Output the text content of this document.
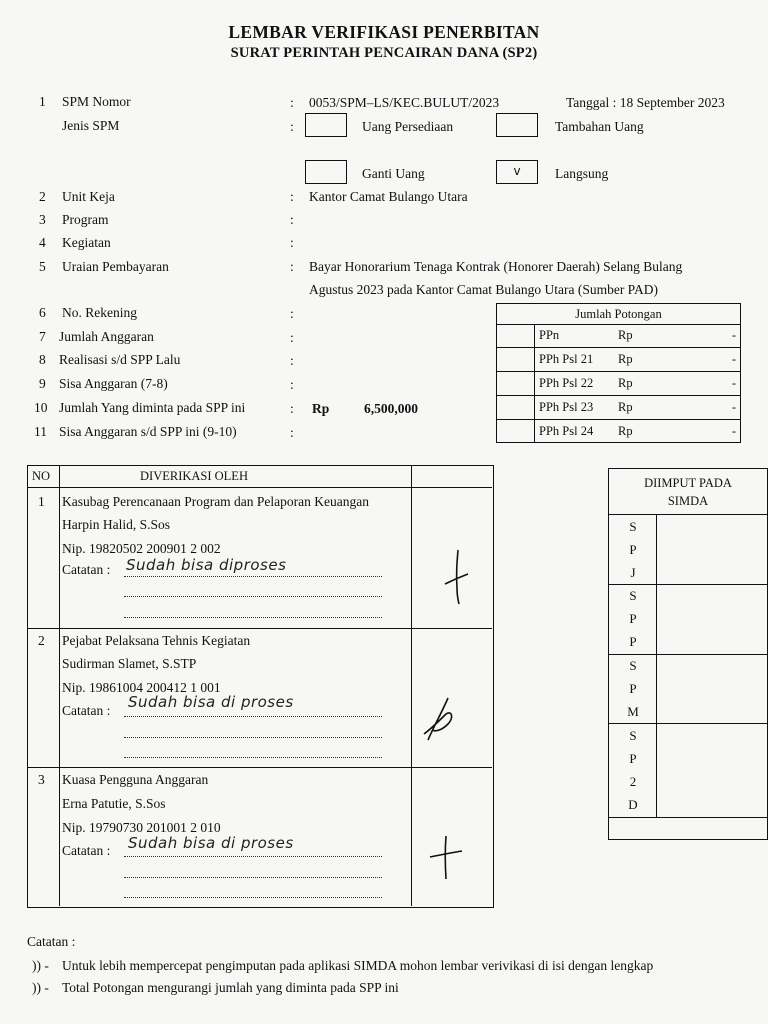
LEMBAR VERIFIKASI PENERBITAN
SURAT PERINTAH PENCAIRAN DANA (SP2)
1 SPM Nomor	: 0053/SPM–LS/KEC.BULUT/2023	Tanggal : 18 September 2023
Jenis SPM	:	Uang Persediaan	Tambahan Uang
Ganti Uang	v	Langsung
2 Unit Keja	: Kantor Camat Bulango Utara
3 Program	:
4 Kegiatan	:
5 Uraian Pembayaran	: Bayar Honorarium Tenaga Kontrak (Honorer Daerah) Selang Bulang
Agustus 2023 pada Kantor Camat Bulango Utara (Sumber PAD)
6 No. Rekening	:
7 Jumlah Anggaran	:
8 Realisasi s/d SPP Lalu	:
9 Sisa Anggaran (7-8)	:
10 Jumlah Yang diminta pada SPP ini	: Rp	6,500,000
11 Sisa Anggaran s/d SPP ini (9-10)	:
Jumlah Potongan
PPn	Rp	-
PPh Psl 21 Rp	-
PPh Psl 22 Rp	-
PPh Psl 23 Rp	-
PPh Psl 24 Rp	-
NO	DIVERIKASI OLEH
1 Kasubag Perencanaan Program dan Pelaporan Keuangan
Harpin Halid, S.Sos
Nip. 19820502 200901 2 002
Catatan : Sudah bisa diproses
2 Pejabat Pelaksana Tehnis Kegiatan
Sudirman Slamet, S.STP
Nip. 19861004 200412 1 001
Catatan : Sudah bisa di proses
3 Kuasa Pengguna Anggaran
Erna Patutie, S.Sos
Nip. 19790730 201001 2 010
Catatan : Sudah bisa di proses
DIIMPUT PADA
SIMDA
S
P
J
S
P
P
S
P
M
S
P
2
D
Catatan :
)) - Untuk lebih mempercepat pengimputan pada aplikasi SIMDA mohon lembar verivikasi di isi dengan lengkap
)) - Total Potongan mengurangi jumlah yang diminta pada SPP ini
